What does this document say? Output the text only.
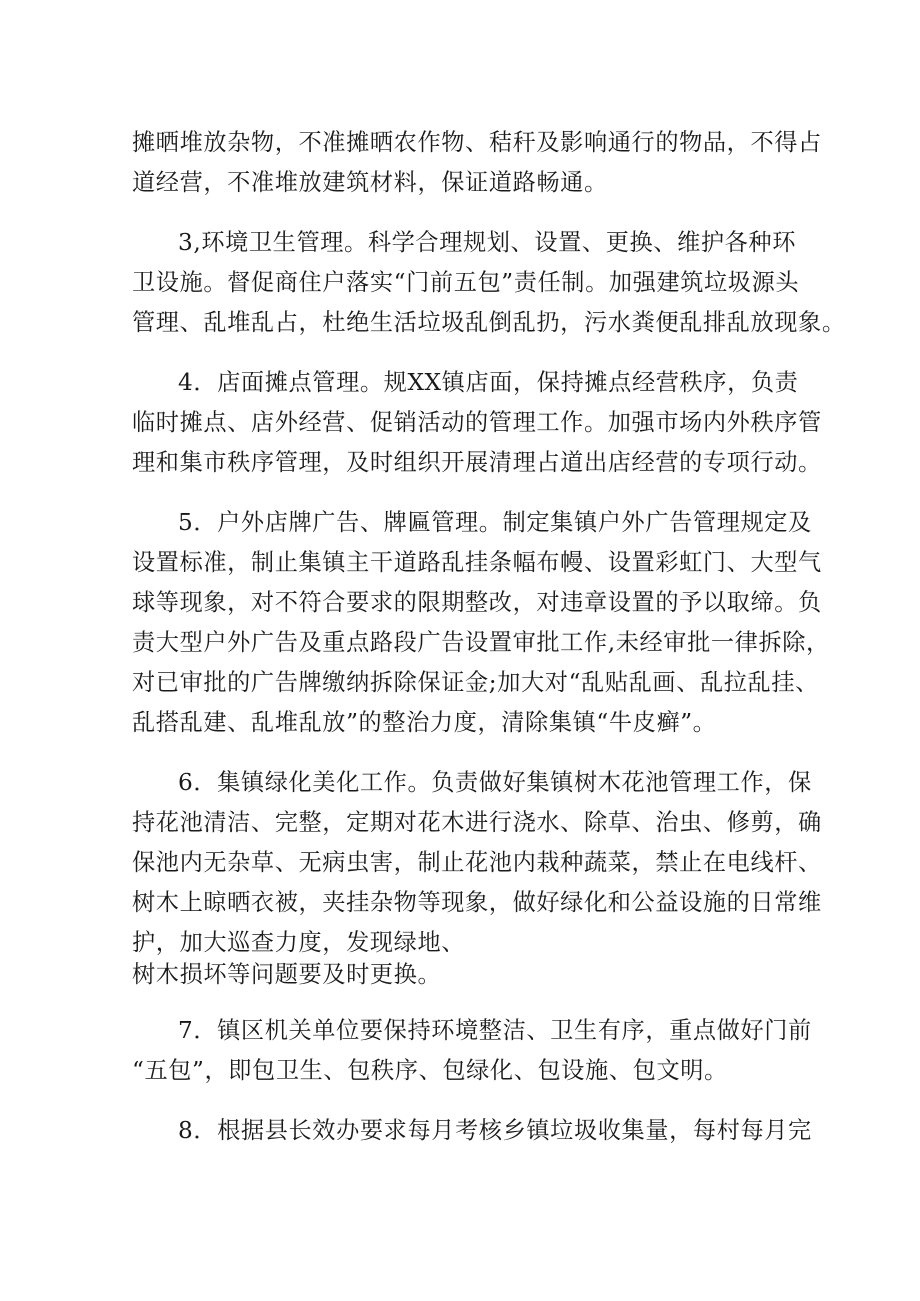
摊晒堆放杂物，不准摊晒农作物、秸秆及影响通行的物品，不得占
道经营，不准堆放建筑材料，保证道路畅通。
3,环境卫生管理。科学合理规划、设置、更换、维护各种环
卫设施。督促商住户落实“门前五包”责任制。加强建筑垃圾源头
管理、乱堆乱占，杜绝生活垃圾乱倒乱扔，污水粪便乱排乱放现象。
4．店面摊点管理。规XX镇店面，保持摊点经营秩序，负责
临时摊点、店外经营、促销活动的管理工作。加强市场内外秩序管
理和集市秩序管理，及时组织开展清理占道出店经营的专项行动。
5．户外店牌广告、牌匾管理。制定集镇户外广告管理规定及
设置标准，制止集镇主干道路乱挂条幅布幔、设置彩虹门、大型气
球等现象，对不符合要求的限期整改，对违章设置的予以取缔。负
责大型户外广告及重点路段广告设置审批工作,未经审批一律拆除，
对已审批的广告牌缴纳拆除保证金;加大对“乱贴乱画、乱拉乱挂、
乱搭乱建、乱堆乱放”的整治力度，清除集镇“牛皮癣”。
6．集镇绿化美化工作。负责做好集镇树木花池管理工作，保
持花池清洁、完整，定期对花木进行浇水、除草、治虫、修剪，确
保池内无杂草、无病虫害，制止花池内栽种蔬菜，禁止在电线杆、
树木上晾晒衣被，夹挂杂物等现象，做好绿化和公益设施的日常维
护，加大巡查力度，发现绿地、
树木损坏等问题要及时更换。
7．镇区机关单位要保持环境整洁、卫生有序，重点做好门前
“五包”，即包卫生、包秩序、包绿化、包设施、包文明。
8．根据县长效办要求每月考核乡镇垃圾收集量，每村每月完
